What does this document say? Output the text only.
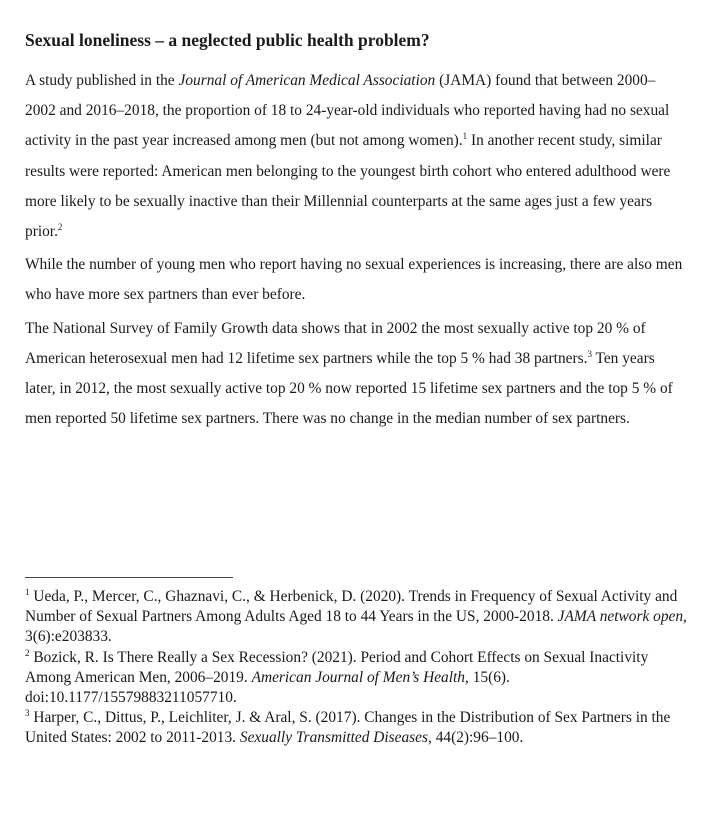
Sexual loneliness – a neglected public health problem?

A study published in the Journal of American Medical Association (JAMA) found that between 2000–2002 and 2016–2018, the proportion of 18 to 24-year-old individuals who reported having had no sexual activity in the past year increased among men (but not among women).$^1$ In another recent study, similar results were reported: American men belonging to the youngest birth cohort who entered adulthood were more likely to be sexually inactive than their Millennial counterparts at the same ages just a few years prior.$^2$

While the number of young men who report having no sexual experiences is increasing, there are also men who have more sex partners than ever before.

The National Survey of Family Growth data shows that in 2002 the most sexually active top 20 % of American heterosexual men had 12 lifetime sex partners while the top 5 % had 38 partners.$^3$ Ten years later, in 2012, the most sexually active top 20 % now reported 15 lifetime sex partners and the top 5 % of men reported 50 lifetime sex partners. There was no change in the median number of sex partners.

$^1$ Ueda, P., Mercer, C., Ghaznavi, C., & Herbenick, D. (2020). Trends in Frequency of Sexual Activity and Number of Sexual Partners Among Adults Aged 18 to 44 Years in the US, 2000-2018. JAMA network open, 3(6):e203833.

$^2$ Bozick, R. Is There Really a Sex Recession? (2021). Period and Cohort Effects on Sexual Inactivity Among American Men, 2006–2019. American Journal of Men’s Health, 15(6). doi:10.1177/15579883211057710.

$^3$ Harper, C., Dittus, P., Leichliter, J. & Aral, S. (2017). Changes in the Distribution of Sex Partners in the United States: 2002 to 2011-2013. Sexually Transmitted Diseases, 44(2):96–100.
